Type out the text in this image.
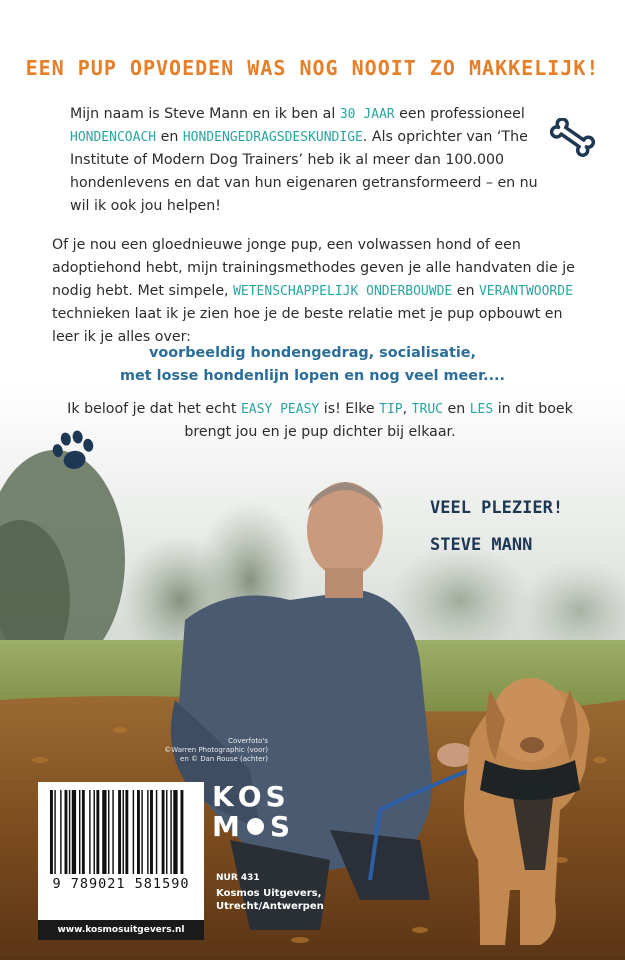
EEN PUP OPVOEDEN WAS NOG NOOIT ZO MAKKELIJK!
Mijn naam is Steve Mann en ik ben al 30 JAAR een professioneel HONDENCOACH en HONDENGEDRAGSDESKUNDIGE. Als oprichter van ‘The Institute of Modern Dog Trainers’ heb ik al meer dan 100.000 hondenlevens en dat van hun eigenaren getransformeerd – en nu wil ik ook jou helpen!
Of je nou een gloednieuwe jonge pup, een volwassen hond of een adoptiehond hebt, mijn trainingsmethodes geven je alle handvaten die je nodig hebt. Met simpele, WETENSCHAPPELIJK ONDERBOUWDE en VERANTWOORDE technieken laat ik je zien hoe je de beste relatie met je pup opbouwt en leer ik je alles over:
voorbeeldig hondengedrag, socialisatie,
met losse hondenlijn lopen en nog veel meer....
Ik beloof je dat het echt EASY PEASY is! Elke TIP, TRUC en LES in dit boek brengt jou en je pup dichter bij elkaar.
VEEL PLEZIER!
STEVE MANN
Coverfoto's
©Warren Photographic (voor)
en © Dan Rouse (achter)
9 789021 581590
www.kosmosuitgevers.nl
K O S
M S
NUR 431
Kosmos Uitgevers,
Utrecht/Antwerpen
